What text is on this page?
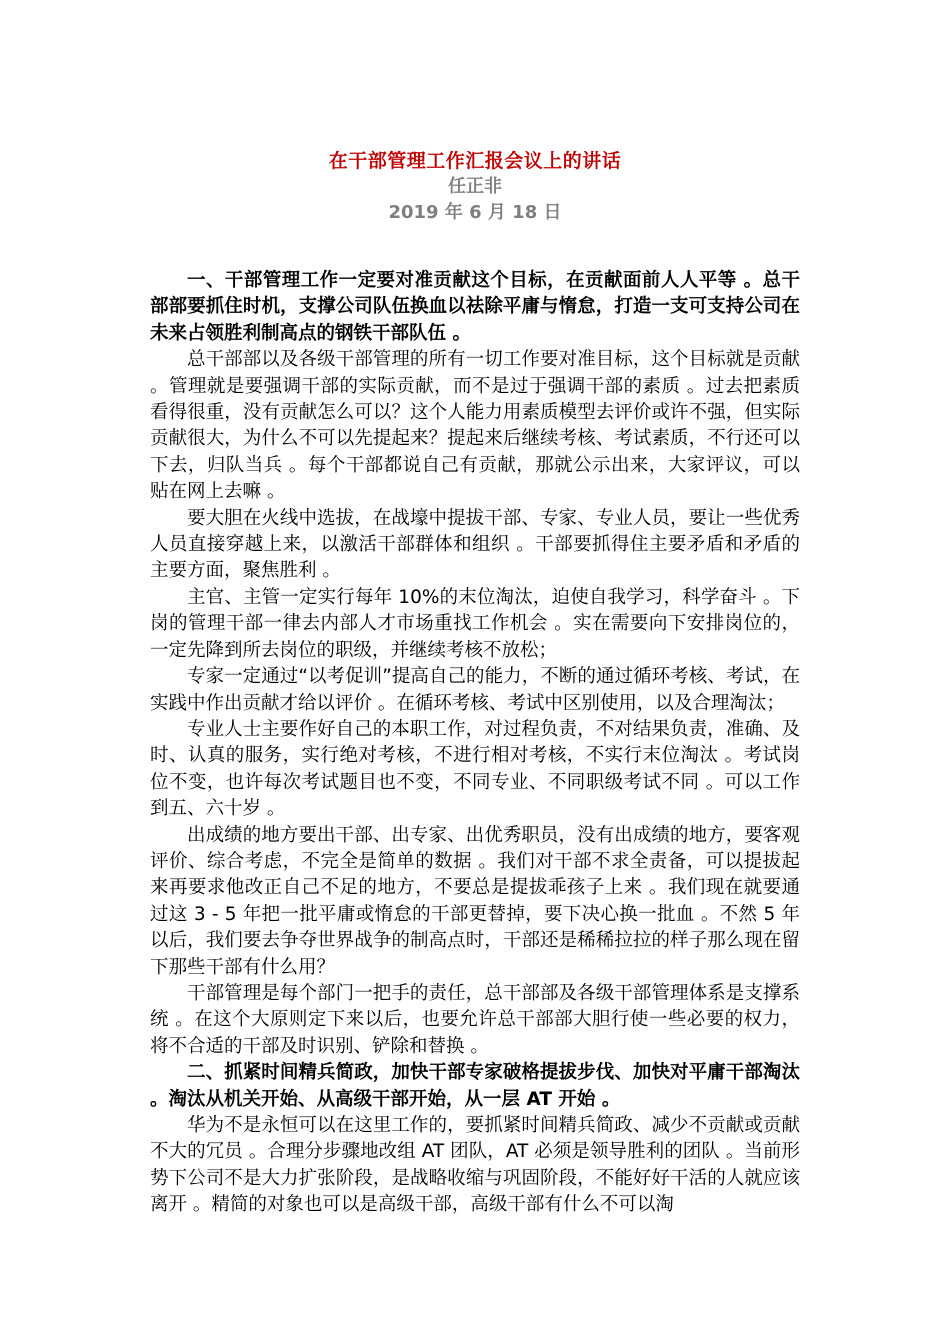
在干部管理工作汇报会议上的讲话
任正非
2019 年 6 月 18 日

一、干部管理工作一定要对准贡献这个目标，在贡献面前人人平等 。总干部部要抓住时机，支撑公司队伍换血以祛除平庸与惰怠，打造一支可支持公司在未来占领胜利制高点的钢铁干部队伍 。

总干部部以及各级干部管理的所有一切工作要对准目标，这个目标就是贡献 。管理就是要强调干部的实际贡献，而不是过于强调干部的素质 。过去把素质看得很重，没有贡献怎么可以？这个人能力用素质模型去评价或许不强，但实际贡献很大，为什么不可以先提起来？提起来后继续考核、考试素质，不行还可以下去，归队当兵 。每个干部都说自己有贡献，那就公示出来，大家评议，可以贴在网上去嘛 。

要大胆在火线中选拔，在战壕中提拔干部、专家、专业人员，要让一些优秀人员直接穿越上来，以激活干部群体和组织 。干部要抓得住主要矛盾和矛盾的主要方面，聚焦胜利 。

主官、主管一定实行每年 10%的末位淘汰，迫使自我学习，科学奋斗 。下岗的管理干部一律去内部人才市场重找工作机会 。实在需要向下安排岗位的，一定先降到所去岗位的职级，并继续考核不放松；

专家一定通过“以考促训”提高自己的能力，不断的通过循环考核、考试，在实践中作出贡献才给以评价 。在循环考核、考试中区别使用，以及合理淘汰；

专业人士主要作好自己的本职工作，对过程负责，不对结果负责，准确、及时、认真的服务，实行绝对考核，不进行相对考核，不实行末位淘汰 。考试岗位不变，也许每次考试题目也不变，不同专业、不同职级考试不同 。可以工作到五、六十岁 。

出成绩的地方要出干部、出专家、出优秀职员，没有出成绩的地方，要客观评价、综合考虑，不完全是简单的数据 。我们对干部不求全责备，可以提拔起来再要求他改正自己不足的地方，不要总是提拔乖孩子上来 。我们现在就要通过这 3 - 5 年把一批平庸或惰怠的干部更替掉，要下决心换一批血 。不然 5 年以后，我们要去争夺世界战争的制高点时，干部还是稀稀拉拉的样子那么现在留下那些干部有什么用？

干部管理是每个部门一把手的责任，总干部部及各级干部管理体系是支撑系统 。在这个大原则定下来以后，也要允许总干部部大胆行使一些必要的权力，将不合适的干部及时识别、铲除和替换 。

二、抓紧时间精兵简政，加快干部专家破格提拔步伐、加快对平庸干部淘汰 。淘汰从机关开始、从高级干部开始，从一层 AT 开始 。

华为不是永恒可以在这里工作的，要抓紧时间精兵简政、减少不贡献或贡献不大的冗员 。合理分步骤地改组 AT 团队，AT 必须是领导胜利的团队 。当前形势下公司不是大力扩张阶段，是战略收缩与巩固阶段，不能好好干活的人就应该离开 。精简的对象也可以是高级干部，高级干部有什么不可以淘
